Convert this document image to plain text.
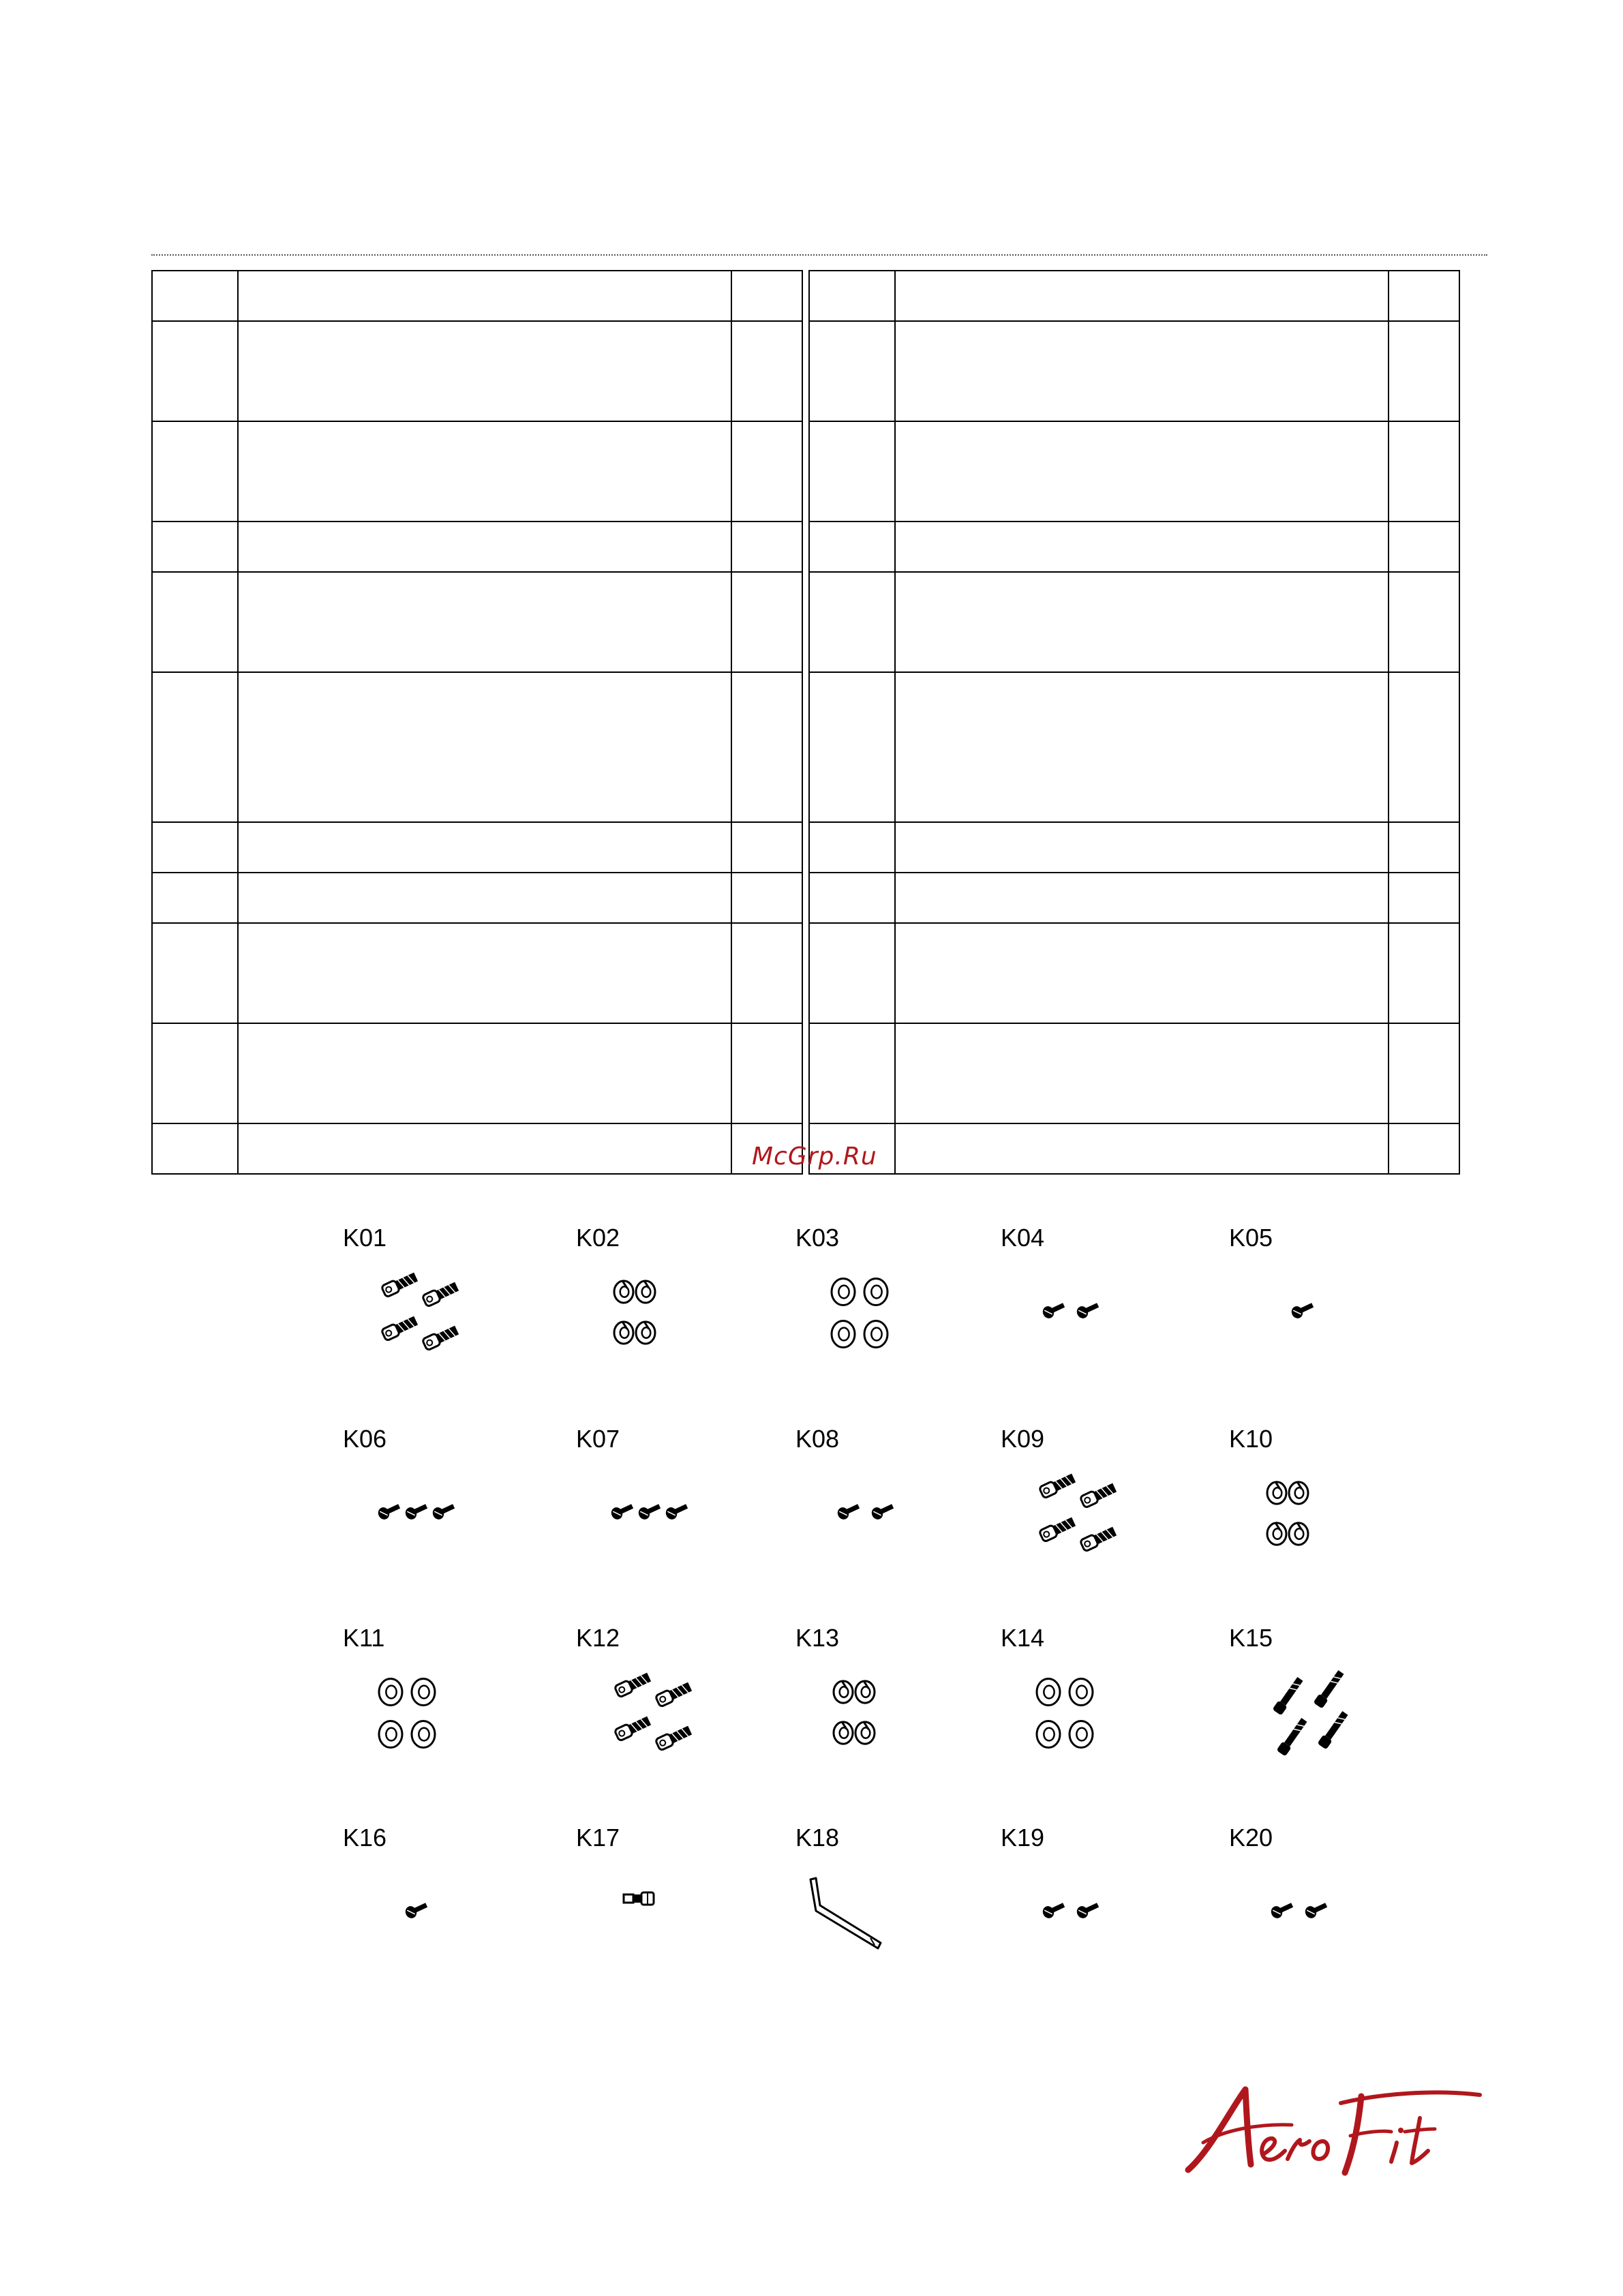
McGrp.Ru
K01	K02	K03	K04	K05
K06	K07	K08	K09	K10
K11	K12	K13	K14	K15
K16	K17	K18	K19	K20
